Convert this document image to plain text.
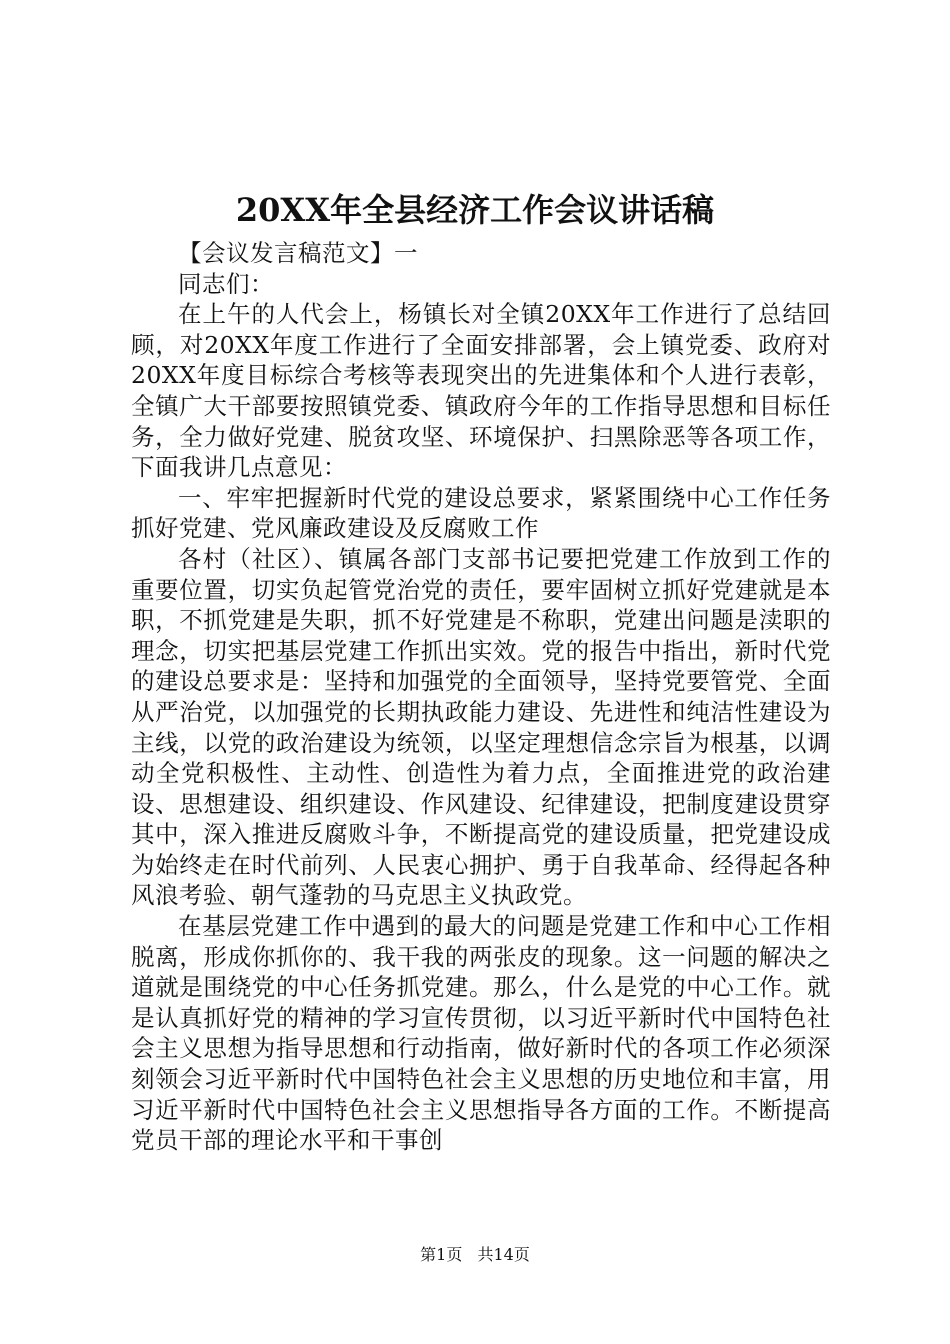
20XX年全县经济工作会议讲话稿

【会议发言稿范文】一

同志们：

在上午的人代会上，杨镇长对全镇20XX年工作进行了总结回顾，对20XX年度工作进行了全面安排部署，会上镇党委、政府对20XX年度目标综合考核等表现突出的先进集体和个人进行表彰，全镇广大干部要按照镇党委、镇政府今年的工作指导思想和目标任务，全力做好党建、脱贫攻坚、环境保护、扫黑除恶等各项工作，下面我讲几点意见：

一、牢牢把握新时代党的建设总要求，紧紧围绕中心工作任务抓好党建、党风廉政建设及反腐败工作

各村（社区）、镇属各部门支部书记要把党建工作放到工作的重要位置，切实负起管党治党的责任，要牢固树立抓好党建就是本职，不抓党建是失职，抓不好党建是不称职，党建出问题是渎职的理念，切实把基层党建工作抓出实效。党的报告中指出，新时代党的建设总要求是：坚持和加强党的全面领导，坚持党要管党、全面从严治党，以加强党的长期执政能力建设、先进性和纯洁性建设为主线，以党的政治建设为统领，以坚定理想信念宗旨为根基，以调动全党积极性、主动性、创造性为着力点，全面推进党的政治建设、思想建设、组织建设、作风建设、纪律建设，把制度建设贯穿其中，深入推进反腐败斗争，不断提高党的建设质量，把党建设成为始终走在时代前列、人民衷心拥护、勇于自我革命、经得起各种风浪考验、朝气蓬勃的马克思主义执政党。

在基层党建工作中遇到的最大的问题是党建工作和中心工作相脱离，形成你抓你的、我干我的两张皮的现象。这一问题的解决之道就是围绕党的中心任务抓党建。那么，什么是党的中心工作。就是认真抓好党的精神的学习宣传贯彻，以习近平新时代中国特色社会主义思想为指导思想和行动指南，做好新时代的各项工作必须深刻领会习近平新时代中国特色社会主义思想的历史地位和丰富，用习近平新时代中国特色社会主义思想指导各方面的工作。不断提高党员干部的理论水平和干事创

第1页 共14页
